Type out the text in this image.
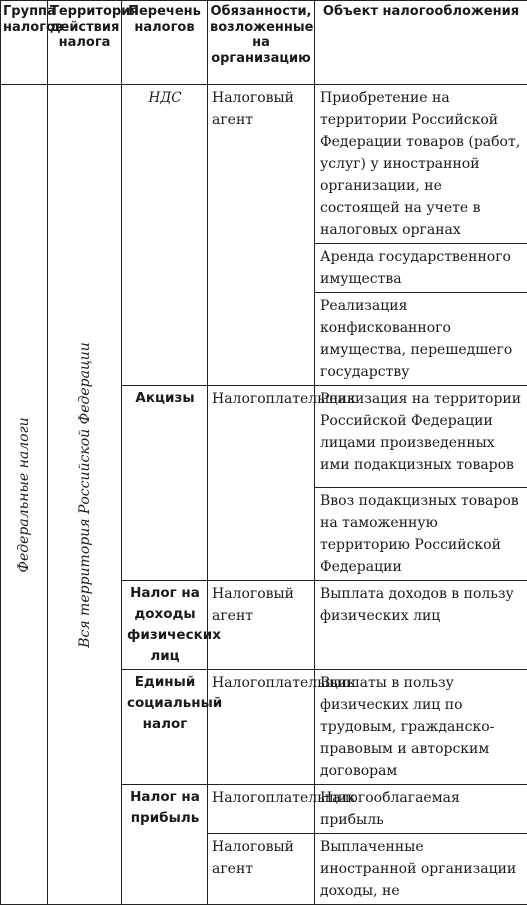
Группа налогов	Территория действия налога	Перечень налогов	Обязанности, возложенные на организацию	Объект налогообложения

Федеральные налоги	Вся территория Российской Федерации	НДС	Налоговый агент	Приобретение на территории Российской Федерации товаров (работ, услуг) у иностранной организации, не состоящей на учете в налоговых органах
				Аренда государственного имущества
				Реализация конфискованного имущества, перешедшего государству
		Акцизы	Налогоплательщик	Реализация на территории Российской Федерации лицами произведенных ими подакцизных товаров
				Ввоз подакцизных товаров на таможенную территорию Российской Федерации
		Налог на доходы физических лиц	Налоговый агент	Выплата доходов в пользу физических лиц
		Единый социальный налог	Налогоплательщик	Выплаты в пользу физических лиц по трудовым, гражданско-правовым и авторским договорам
		Налог на прибыль	Налогоплательщик	Налогооблагаемая прибыль
			Налоговый агент	Выплаченные иностранной организации доходы, не
